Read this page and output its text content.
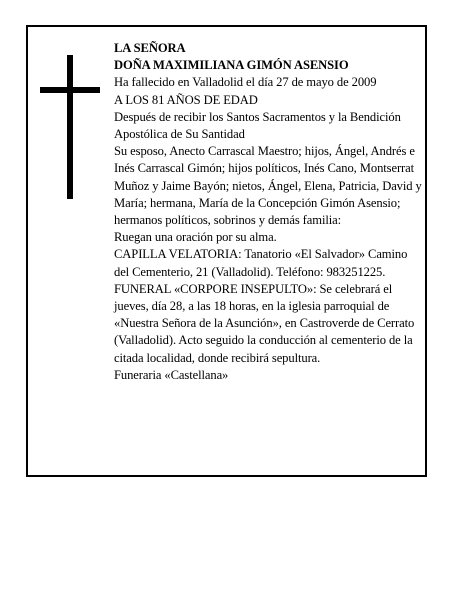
LA SEÑORA

DOÑA MAXIMILIANA GIMÓN ASENSIO

Ha fallecido en Valladolid el día 27 de mayo de 2009

A LOS 81 AÑOS DE EDAD

Después de recibir los Santos Sacramentos y la Bendición Apostólica de Su Santidad

Su esposo, Anecto Carrascal Maestro; hijos, Ángel, Andrés e Inés Carrascal Gimón; hijos políticos, Inés Cano, Montserrat Muñoz y Jaime Bayón; nietos, Ángel, Elena, Patricia, David y María; hermana, María de la Concepción Gimón Asensio; hermanos políticos, sobrinos y demás familia:

Ruegan una oración por su alma.

CAPILLA VELATORIA: Tanatorio «El Salvador» Camino del Cementerio, 21 (Valladolid). Teléfono: 983251225.

FUNERAL «CORPORE INSEPULTO»: Se celebrará el jueves, día 28, a las 18 horas, en la iglesia parroquial de «Nuestra Señora de la Asunción», en Castroverde de Cerrato (Valladolid). Acto seguido la conducción al cementerio de la citada localidad, donde recibirá sepultura.

Funeraria «Castellana»
